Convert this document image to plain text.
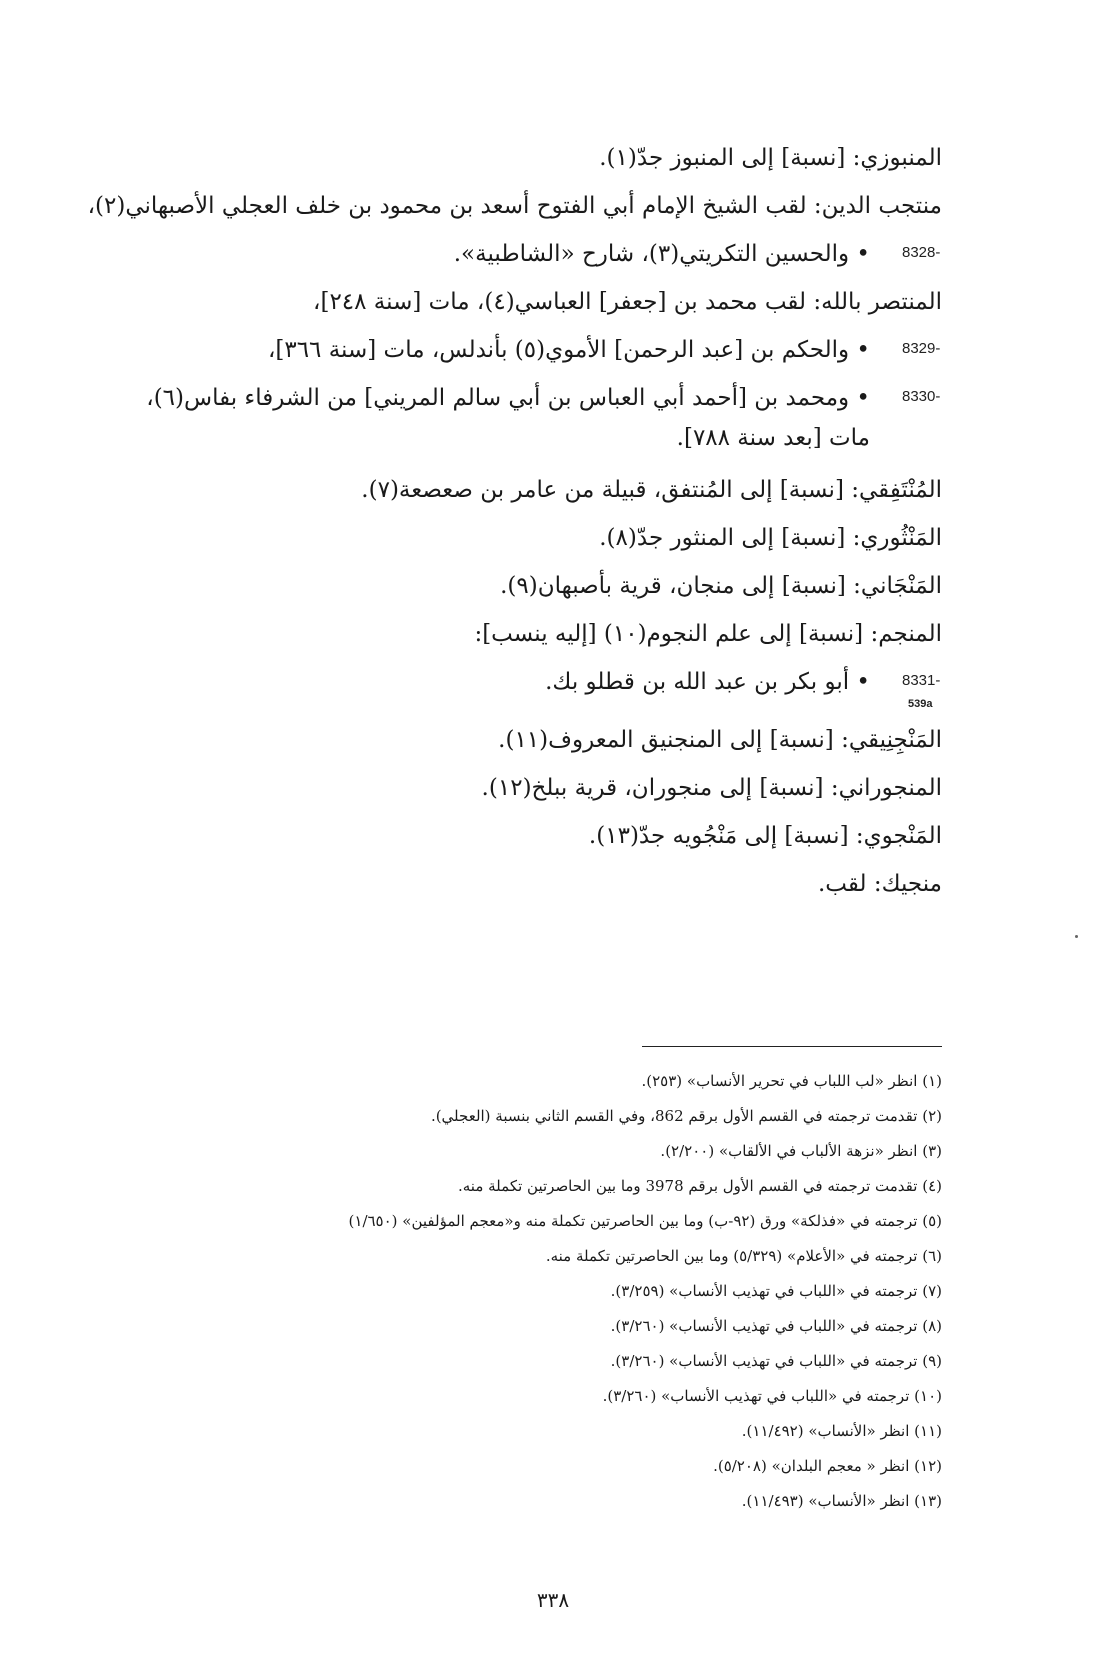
المنبوزي: [نسبة] إلى المنبوز جدّ(١).
منتجب الدين: لقب الشيخ الإمام أبي الفتوح أسعد بن محمود بن خلف العجلي الأصبهاني(٢)،
8328-
• والحسين التكريتي(٣)، شارح «الشاطبية».
المنتصر بالله: لقب محمد بن [جعفر] العباسي(٤)، مات [سنة ٢٤٨]،
8329-
• والحكم بن [عبد الرحمن] الأموي(٥) بأندلس، مات [سنة ٣٦٦]،
8330-
• ومحمد بن [أحمد أبي العباس بن أبي سالم المريني] من الشرفاء بفاس(٦)، مات [بعد سنة ٧٨٨].
المُنْتَفِقي: [نسبة] إلى المُنتفق، قبيلة من عامر بن صعصعة(٧).
المَنْثُوري: [نسبة] إلى المنثور جدّ(٨).
المَنْجَاني: [نسبة] إلى منجان، قرية بأصبهان(٩).
المنجم: [نسبة] إلى علم النجوم(١٠) [إليه ينسب]:
8331-
• أبو بكر بن عبد الله بن قطلو بك.
539a
المَنْجِنِيقي: [نسبة] إلى المنجنيق المعروف(١١).
المنجوراني: [نسبة] إلى منجوران، قرية ببلخ(١٢).
المَنْجوي: [نسبة] إلى مَنْجُويه جدّ(١٣).
منجيك: لقب.
(١) انظر «لب اللباب في تحرير الأنساب» (٢٥٣).
(٢) تقدمت ترجمته في القسم الأول برقم 862، وفي القسم الثاني بنسبة (العجلي).
(٣) انظر «نزهة الألباب في الألقاب» (٢/٢٠٠).
(٤) تقدمت ترجمته في القسم الأول برقم 3978 وما بين الحاصرتين تكملة منه.
(٥) ترجمته في «فذلكة» ورق (٩٢-ب) وما بين الحاصرتين تكملة منه و«معجم المؤلفين» (١/٦٥٠)
(٦) ترجمته في «الأعلام» (٥/٣٢٩) وما بين الحاصرتين تكملة منه.
(٧) ترجمته في «اللباب في تهذيب الأنساب» (٣/٢٥٩).
(٨) ترجمته في «اللباب في تهذيب الأنساب» (٣/٢٦٠).
(٩) ترجمته في «اللباب في تهذيب الأنساب» (٣/٢٦٠).
(١٠) ترجمته في «اللباب في تهذيب الأنساب» (٣/٢٦٠).
(١١) انظر «الأنساب» (١١/٤٩٢).
(١٢) انظر « معجم البلدان» (٥/٢٠٨).
(١٣) انظر «الأنساب» (١١/٤٩٣).
٣٣٨
